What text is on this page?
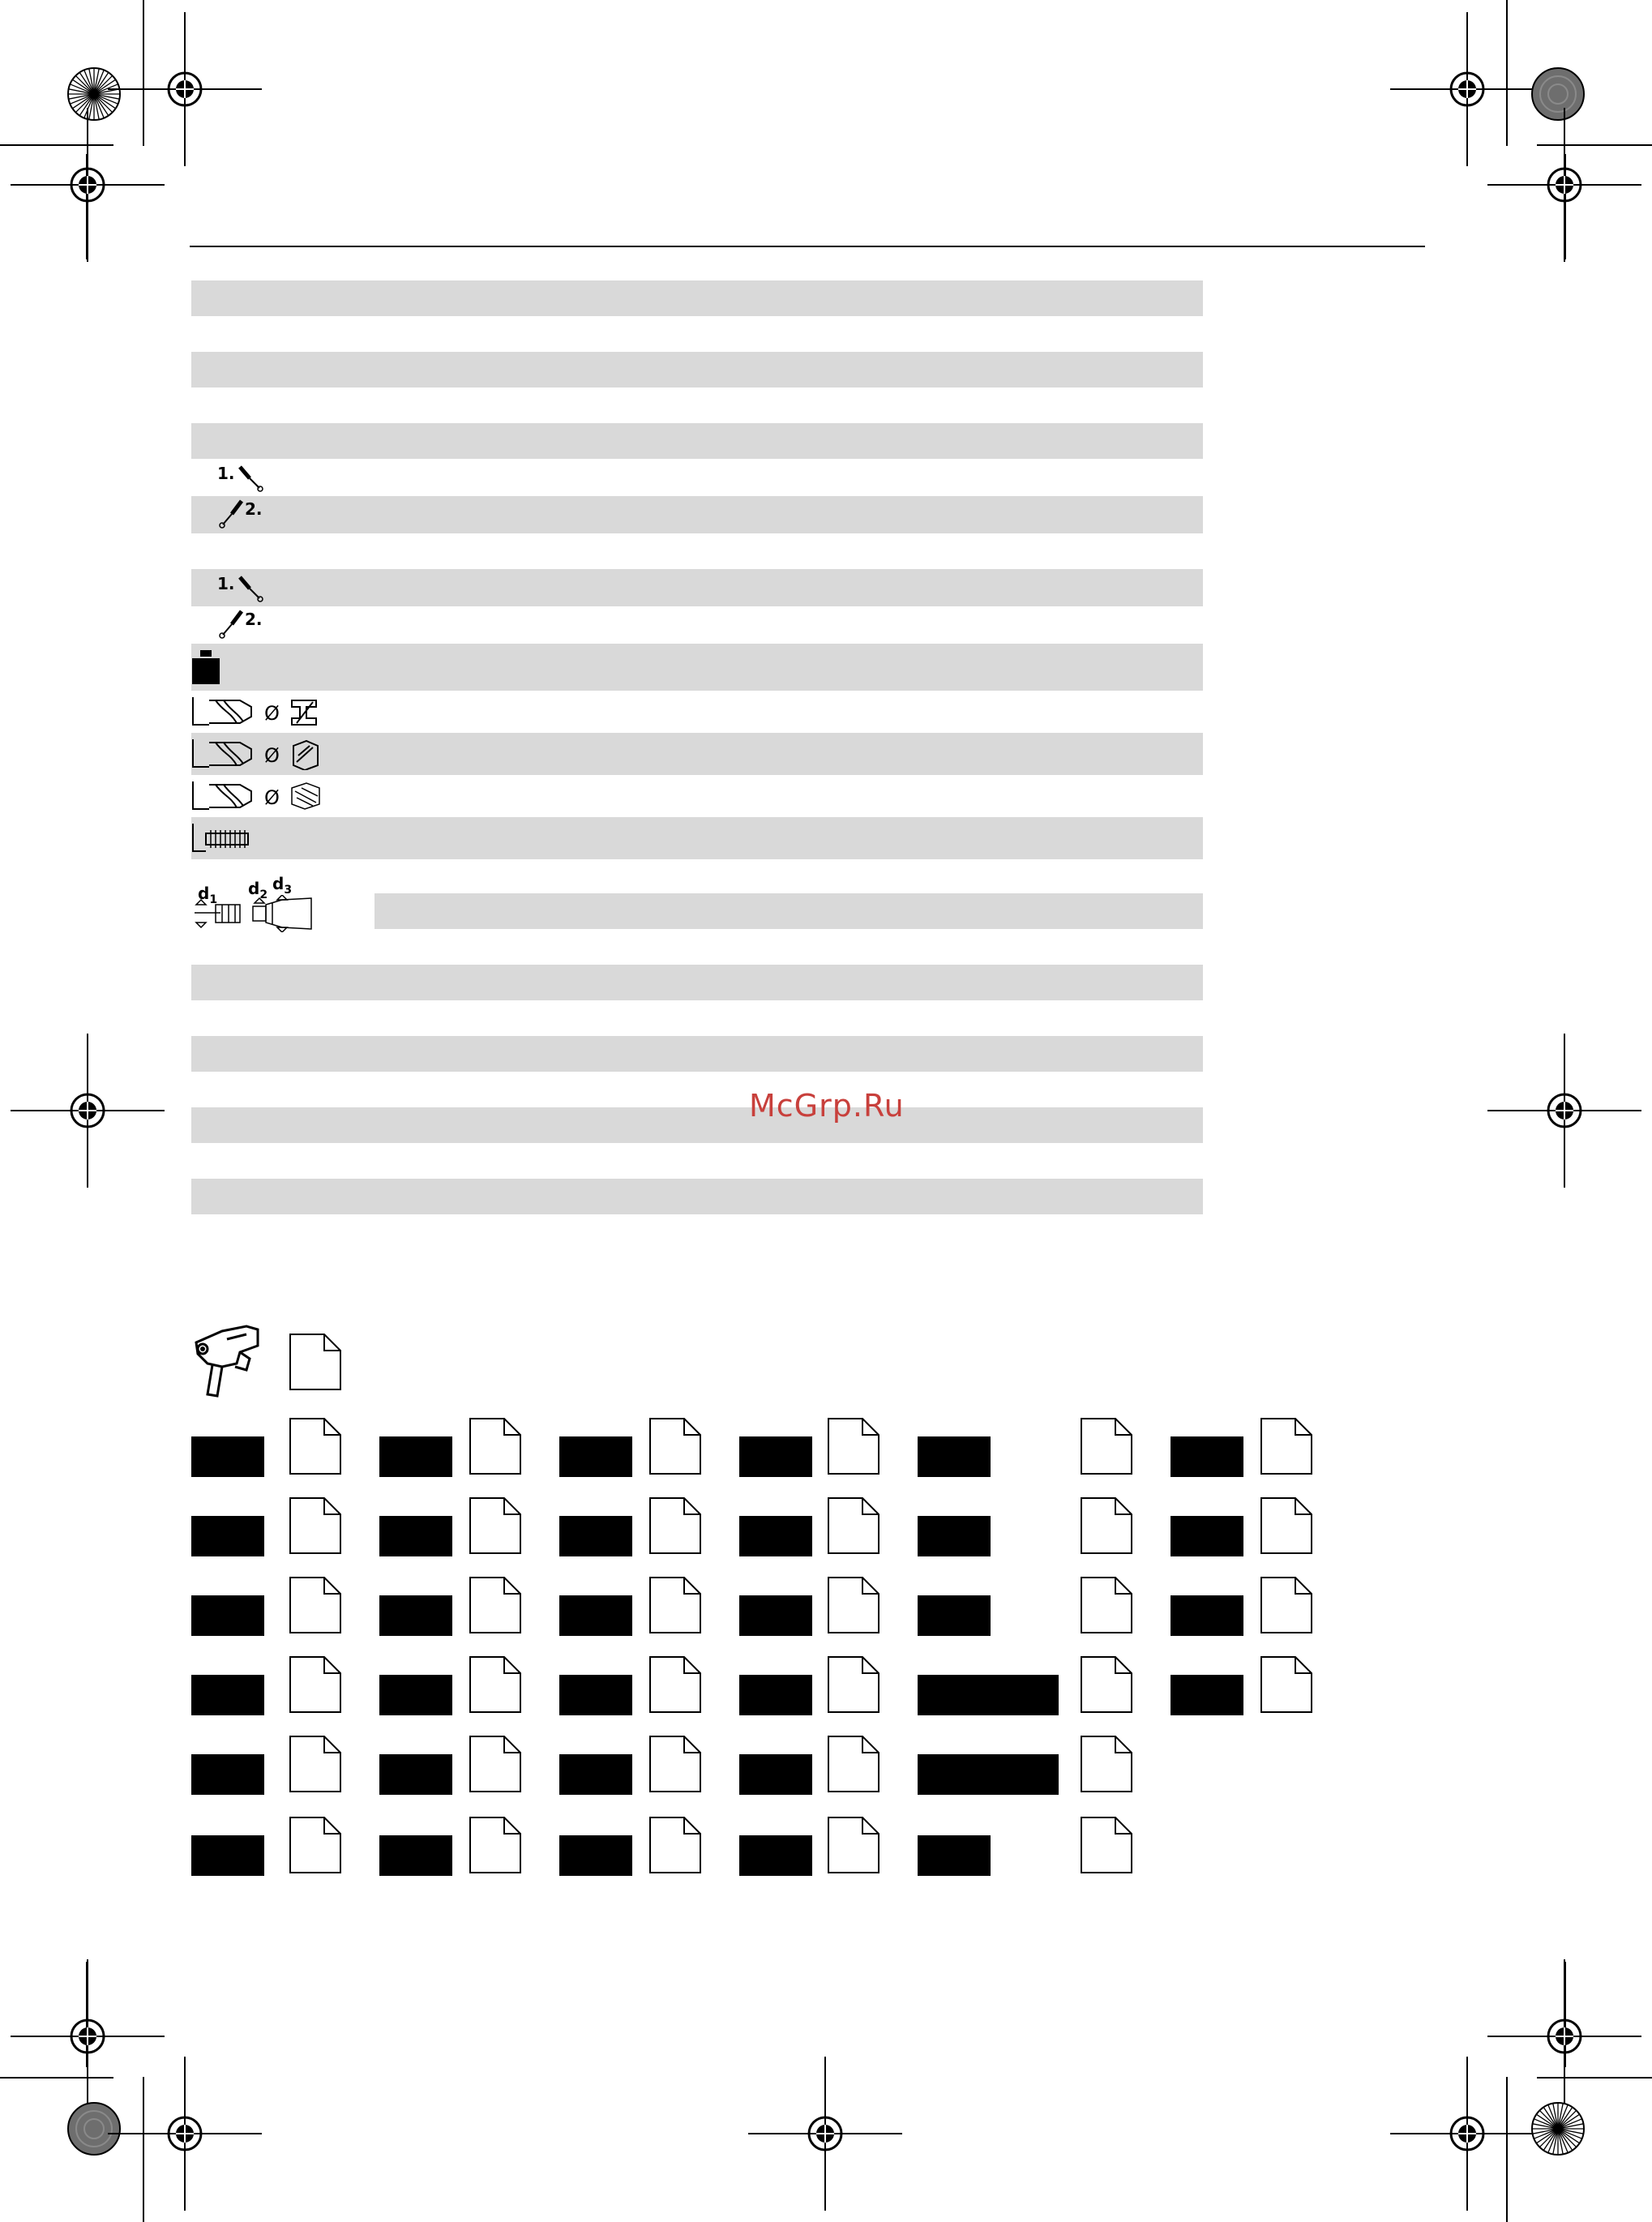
1.
2.
1.
2.
Ø
Ø
Ø
$d_1$
$d_2$
$d_3$
McGrp.Ru
